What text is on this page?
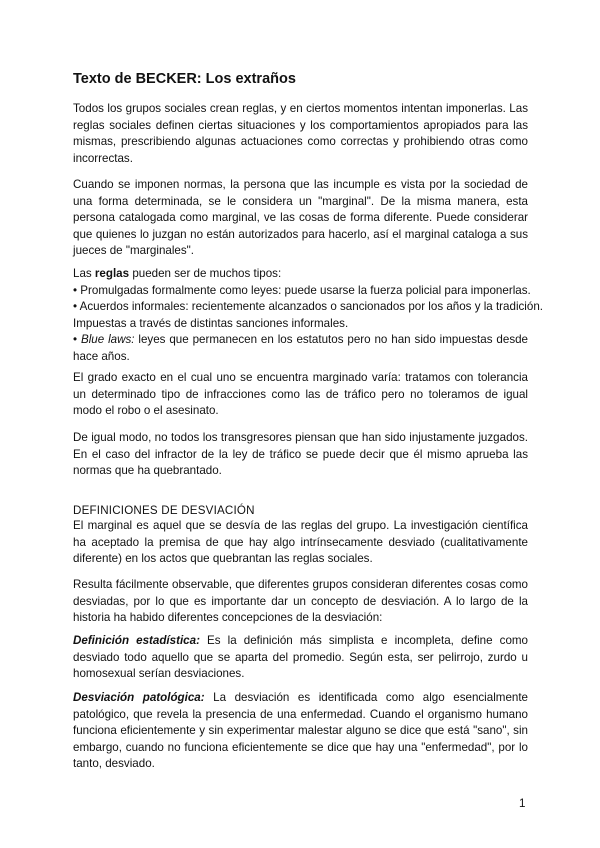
Texto de BECKER: Los extraños
Todos los grupos sociales crean reglas, y en ciertos momentos intentan imponerlas. Las reglas sociales definen ciertas situaciones y los comportamientos apropiados para las mismas, prescribiendo algunas actuaciones como correctas y prohibiendo otras como incorrectas.
Cuando se imponen normas, la persona que las incumple es vista por la sociedad de una forma determinada, se le considera un "marginal". De la misma manera, esta persona catalogada como marginal, ve las cosas de forma diferente. Puede considerar que quienes lo juzgan no están autorizados para hacerlo, así el marginal cataloga a sus jueces de "marginales".
Las reglas pueden ser de muchos tipos:
• Promulgadas formalmente como leyes: puede usarse la fuerza policial para imponerlas.
• Acuerdos informales: recientemente alcanzados o sancionados por los años y la tradición.
Impuestas a través de distintas sanciones informales.
• Blue laws: leyes que permanecen en los estatutos pero no han sido impuestas desde hace años.
El grado exacto en el cual uno se encuentra marginado varía: tratamos con tolerancia un determinado tipo de infracciones como las de tráfico pero no toleramos de igual modo el robo o el asesinato.
De igual modo, no todos los transgresores piensan que han sido injustamente juzgados. En el caso del infractor de la ley de tráfico se puede decir que él mismo aprueba las normas que ha quebrantado.
DEFINICIONES DE DESVIACIÓN
El marginal es aquel que se desvía de las reglas del grupo. La investigación científica ha aceptado la premisa de que hay algo intrínsecamente desviado (cualitativamente diferente) en los actos que quebrantan las reglas sociales.
Resulta fácilmente observable, que diferentes grupos consideran diferentes cosas como desviadas, por lo que es importante dar un concepto de desviación. A lo largo de la historia ha habido diferentes concepciones de la desviación:
Definición estadística: Es la definición más simplista e incompleta, define como desviado todo aquello que se aparta del promedio. Según esta, ser pelirrojo, zurdo u homosexual serían desviaciones.
Desviación patológica: La desviación es identificada como algo esencialmente patológico, que revela la presencia de una enfermedad. Cuando el organismo humano funciona eficientemente y sin experimentar malestar alguno se dice que está "sano", sin embargo, cuando no funciona eficientemente se dice que hay una "enfermedad", por lo tanto, desviado.
1
